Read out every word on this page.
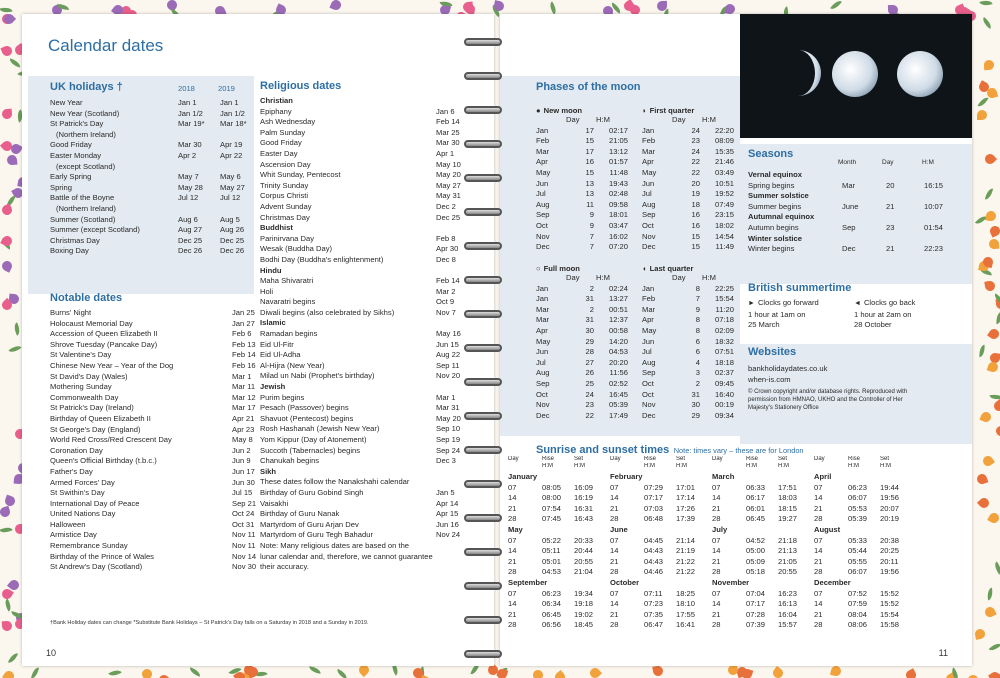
Calendar dates
UK holidays †	2018	2019
New Year	Jan 1	Jan 1
New Year (Scotland)	Jan 1/2	Jan 1/2
St Patrick's Day	Mar 19*	Mar 18*
(Northern Ireland)
Good Friday	Mar 30	Apr 19
Easter Monday	Apr 2	Apr 22
(except Scotland)
Early Spring	May 7	May 6
Spring	May 28	May 27
Battle of the Boyne	Jul 12	Jul 12
(Northern Ireland)
Summer (Scotland)	Aug 6	Aug 5
Summer (except Scotland)	Aug 27	Aug 26
Christmas Day	Dec 25	Dec 25
Boxing Day	Dec 26	Dec 26
Notable dates
Burns' Night	Jan 25
Holocaust Memorial Day	Jan 27
Accession of Queen Elizabeth II	Feb 6
Shrove Tuesday (Pancake Day)	Feb 13
St Valentine's Day	Feb 14
Chinese New Year – Year of the Dog	Feb 16
St David's Day (Wales)	Mar 1
Mothering Sunday	Mar 11
Commonwealth Day	Mar 12
St Patrick's Day (Ireland)	Mar 17
Birthday of Queen Elizabeth II	Apr 21
St George's Day (England)	Apr 23
World Red Cross/Red Crescent Day	May 8
Coronation Day	Jun 2
Queen's Official Birthday (t.b.c.)	Jun 9
Father's Day	Jun 17
Armed Forces' Day	Jun 30
St Swithin's Day	Jul 15
International Day of Peace	Sep 21
United Nations Day	Oct 24
Halloween	Oct 31
Armistice Day	Nov 11
Remembrance Sunday	Nov 11
Birthday of the Prince of Wales	Nov 14
St Andrew's Day (Scotland)	Nov 30
Religious dates
Christian
Epiphany	Jan 6
Ash Wednesday	Feb 14
Palm Sunday	Mar 25
Good Friday	Mar 30
Easter Day	Apr 1
Ascension Day	May 10
Whit Sunday, Pentecost	May 20
Trinity Sunday	May 27
Corpus Christi	May 31
Advent Sunday	Dec 2
Christmas Day	Dec 25
Buddhist
Parinirvana Day	Feb 8
Wesak (Buddha Day)	Apr 30
Bodhi Day (Buddha's enlightenment)	Dec 8
Hindu
Maha Shivaratri	Feb 14
Holi	Mar 2
Navaratri begins	Oct 9
Diwali begins (also celebrated by Sikhs)	Nov 7
Islamic
Ramadan begins	May 16
Eid Ul-Fitr	Jun 15
Eid Ul-Adha	Aug 22
Al-Hijra (New Year)	Sep 11
Milad un Nabi (Prophet's birthday)	Nov 20
Jewish
Purim begins	Mar 1
Pesach (Passover) begins	Mar 31
Shavuot (Pentecost) begins	May 20
Rosh Hashanah (Jewish New Year)	Sep 10
Yom Kippur (Day of Atonement)	Sep 19
Succoth (Tabernacles) begins	Sep 24
Chanukah begins	Dec 3
Sikh
These dates follow the Nanakshahi calendar
Birthday of Guru Gobind Singh	Jan 5
Vaisakhi	Apr 14
Birthday of Guru Nanak	Apr 15
Martyrdom of Guru Arjan Dev	Jun 16
Martyrdom of Guru Tegh Bahadur	Nov 24
Note: Many religious dates are based on the
lunar calendar and, therefore, we cannot guarantee
their accuracy.
†Bank Holiday dates can change *Substitute Bank Holidays – St Patrick's Day falls on a Saturday in 2018 and a Sunday in 2019.
10
Phases of the moon
● New moon
Day	H:M
Jan	17	02:17
Feb	15	21:05
Mar	17	13:12
Apr	16	01:57
May	15	11:48
Jun	13	19:43
Jul	13	02:48
Aug	11	09:58
Sep	9	18:01
Oct	9	03:47
Nov	7	16:02
Dec	7	07:20
◗ First quarter
Day	H:M
Jan	24	22:20
Feb	23	08:09
Mar	24	15:35
Apr	22	21:46
May	22	03:49
Jun	20	10:51
Jul	19	19:52
Aug	18	07:49
Sep	16	23:15
Oct	16	18:02
Nov	15	14:54
Dec	15	11:49
○ Full moon
Day	H:M
Jan	2	02:24
Jan	31	13:27
Mar	2	00:51
Mar	31	12:37
Apr	30	00:58
May	29	14:20
Jun	28	04:53
Jul	27	20:20
Aug	26	11:56
Sep	25	02:52
Oct	24	16:45
Nov	23	05:39
Dec	22	17:49
◖ Last quarter
Day	H:M
Jan	8	22:25
Feb	7	15:54
Mar	9	11:20
Apr	8	07:18
May	8	02:09
Jun	6	18:32
Jul	6	07:51
Aug	4	18:18
Sep	3	02:37
Oct	2	09:45
Oct	31	16:40
Nov	30	00:19
Dec	29	09:34
Seasons
Month	Day	H:M
Vernal equinox
Spring begins	Mar	20	16:15
Summer solstice
Summer begins	June	21	10:07
Autumnal equinox
Autumn begins	Sep	23	01:54
Winter solstice
Winter begins	Dec	21	22:23
British summertime
► Clocks go forward
1 hour at 1am on
25 March
◄ Clocks go back
1 hour at 2am on
28 October
Websites
bankholidaydates.co.uk
when-is.com
© Crown copyright and/or database rights. Reproduced with
permission from HMNAO, UKHO and the Controller of Her
Majesty's Stationery Office
Sunrise and sunset times Note: times vary – these are for London
Day	Rise	Set
H:M	H:M
Day	Rise	Set
H:M	H:M
Day	Rise	Set
H:M	H:M
Day	Rise	Set
H:M	H:M
January
07	08:05	16:09
14	08:00	16:19
21	07:54	16:31
28	07:45	16:43
February
07	07:29	17:01
14	07:17	17:14
21	07:03	17:26
28	06:48	17:39
March
07	06:33	17:51
14	06:17	18:03
21	06:01	18:15
28	06:45	19:27
April
07	06:23	19:44
14	06:07	19:56
21	05:53	20:07
28	05:39	20:19
May
07	05:22	20:33
14	05:11	20:44
21	05:01	20:55
28	04:53	21:04
June
07	04:45	21:14
14	04:43	21:19
21	04:43	21:22
28	04:46	21:22
July
07	04:52	21:18
14	05:00	21:13
21	05:09	21:05
28	05:18	20:55
August
07	05:33	20:38
14	05:44	20:25
21	05:55	20:11
28	06:07	19:56
September
07	06:23	19:34
14	06:34	19:18
21	06:45	19:02
28	06:56	18:45
October
07	07:11	18:25
14	07:23	18:10
21	07:35	17:55
28	06:47	16:41
November
07	07:04	16:23
14	07:17	16:13
21	07:28	16:04
28	07:39	15:57
December
07	07:52	15:52
14	07:59	15:52
21	08:04	15:54
28	08:06	15:58
11
